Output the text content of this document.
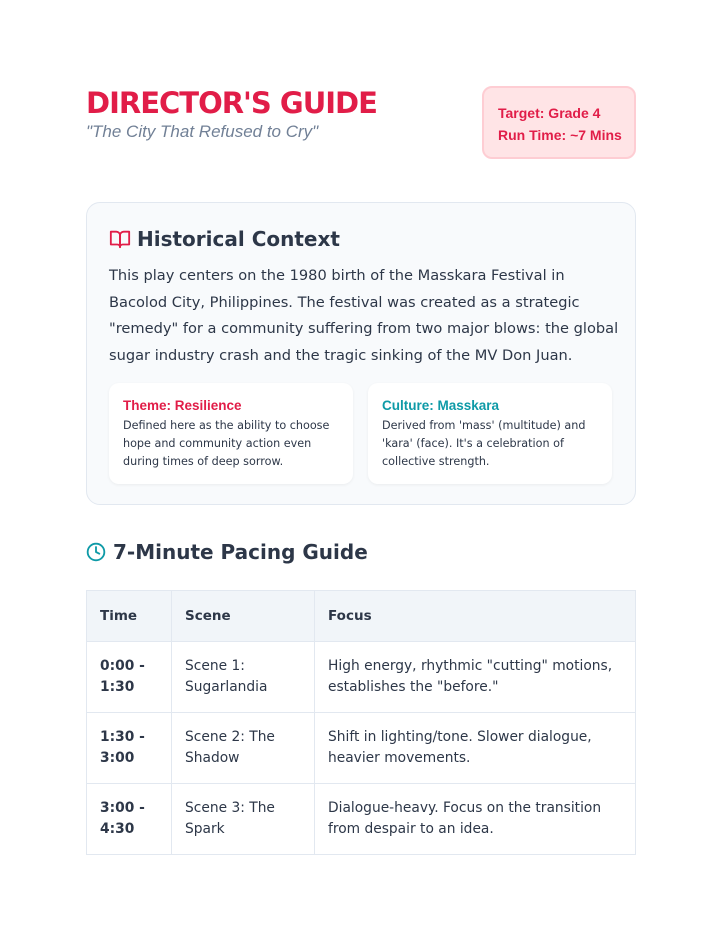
DIRECTOR'S GUIDE
"The City That Refused to Cry"
Target: Grade 4
Run Time: ~7 Mins
Historical Context

This play centers on the 1980 birth of the Masskara Festival in Bacolod City, Philippines. The festival was created as a strategic "remedy" for a community suffering from two major blows: the global sugar industry crash and the tragic sinking of the MV Don Juan.

Theme: Resilience
Defined here as the ability to choose hope and community action even during times of deep sorrow.
Culture: Masskara
Derived from 'mass' (multitude) and 'kara' (face). It's a celebration of collective strength.
7-Minute Pacing Guide
Time	Scene	Focus
0:00 - 1:30	Scene 1: Sugarlandia	High energy, rhythmic "cutting" motions, establishes the "before."
1:30 - 3:00	Scene 2: The Shadow	Shift in lighting/tone. Slower dialogue, heavier movements.
3:00 - 4:30	Scene 3: The Spark	Dialogue-heavy. Focus on the transition from despair to an idea.
